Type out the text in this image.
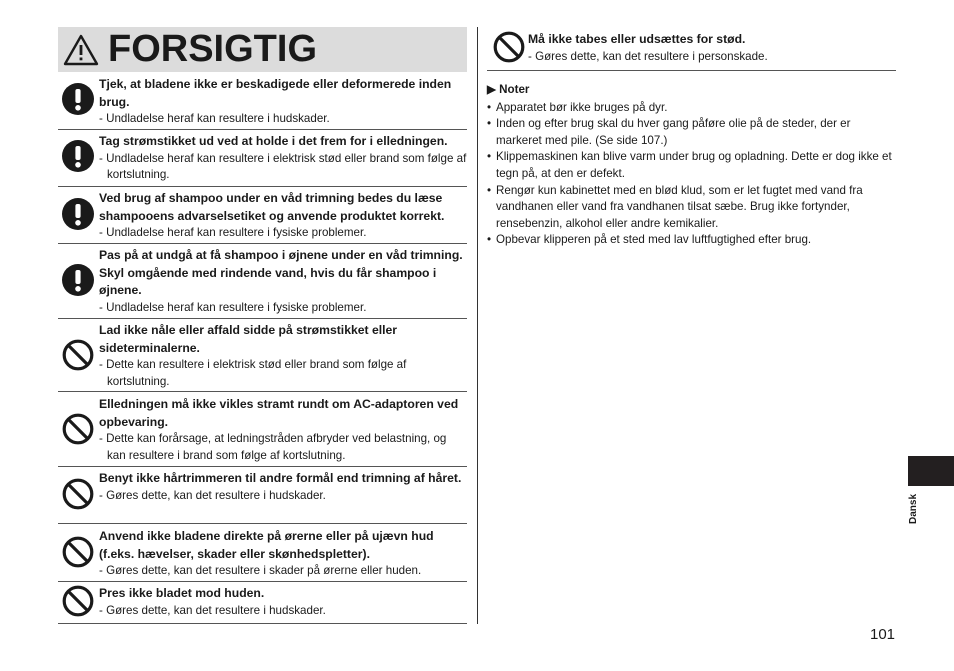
FORSIGTIG
Tjek, at bladene ikke er beskadigede eller deformerede inden brug.
- Undladelse heraf kan resultere i hudskader.
Tag strømstikket ud ved at holde i det frem for i elledningen.
- Undladelse heraf kan resultere i elektrisk stød eller brand som følge af kortslutning.
Ved brug af shampoo under en våd trimning bedes du læse shampooens advarselsetiket og anvende produktet korrekt.
- Undladelse heraf kan resultere i fysiske problemer.
Pas på at undgå at få shampoo i øjnene under en våd trimning. Skyl omgående med rindende vand, hvis du får shampoo i øjnene.
- Undladelse heraf kan resultere i fysiske problemer.
Lad ikke nåle eller affald sidde på strømstikket eller sideterminalerne.
- Dette kan resultere i elektrisk stød eller brand som følge af kortslutning.
Elledningen må ikke vikles stramt rundt om AC-adaptoren ved opbevaring.
- Dette kan forårsage, at ledningstråden afbryder ved belastning, og kan resultere i brand som følge af kortslutning.
Benyt ikke hårtrimmeren til andre formål end trimning af håret.
- Gøres dette, kan det resultere i hudskader.
Anvend ikke bladene direkte på ørerne eller på ujævn hud (f.eks. hævelser, skader eller skønhedspletter).
- Gøres dette, kan det resultere i skader på ørerne eller huden.
Pres ikke bladet mod huden.
- Gøres dette, kan det resultere i hudskader.
Må ikke tabes eller udsættes for stød.
- Gøres dette, kan det resultere i personskade.
▶ Noter
• Apparatet bør ikke bruges på dyr.
• Inden og efter brug skal du hver gang påføre olie på de steder, der er markeret med pile. (Se side 107.)
• Klippemaskinen kan blive varm under brug og opladning. Dette er dog ikke et tegn på, at den er defekt.
• Rengør kun kabinettet med en blød klud, som er let fugtet med vand fra vandhanen eller vand fra vandhanen tilsat sæbe. Brug ikke fortynder, rensebenzin, alkohol eller andre kemikalier.
• Opbevar klipperen på et sted med lav luftfugtighed efter brug.
Dansk
101
